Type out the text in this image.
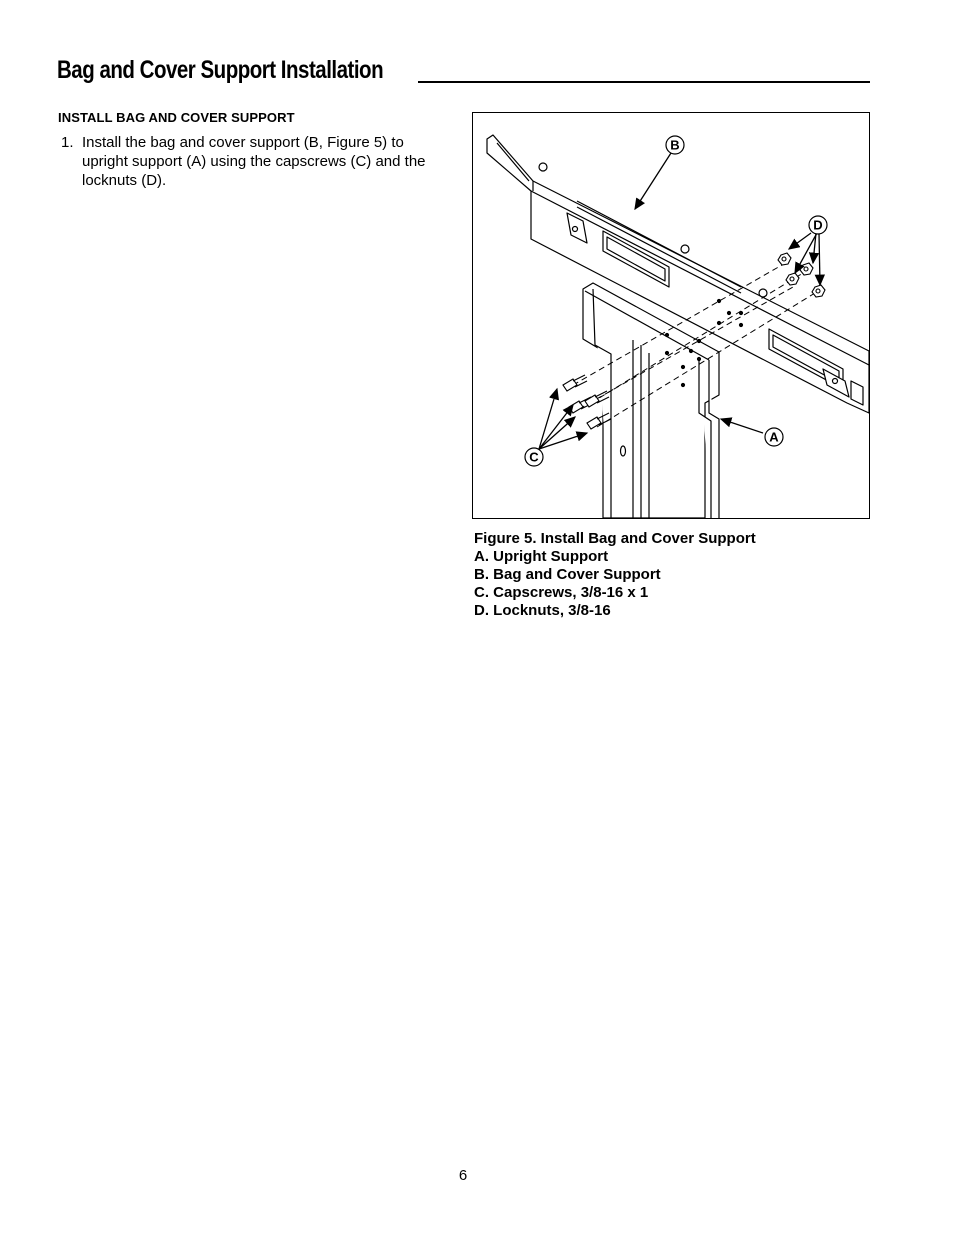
Bag and Cover Support Installation
INSTALL BAG AND COVER SUPPORT
1. Install the bag and cover support (B, Figure 5) to upright support (A) using the capscrews (C) and the locknuts (D).
B
D
A
C
Figure 5. Install Bag and Cover Support
A. Upright Support
B. Bag and Cover Support
C. Capscrews, 3/8-16 x 1
D. Locknuts, 3/8-16
6
